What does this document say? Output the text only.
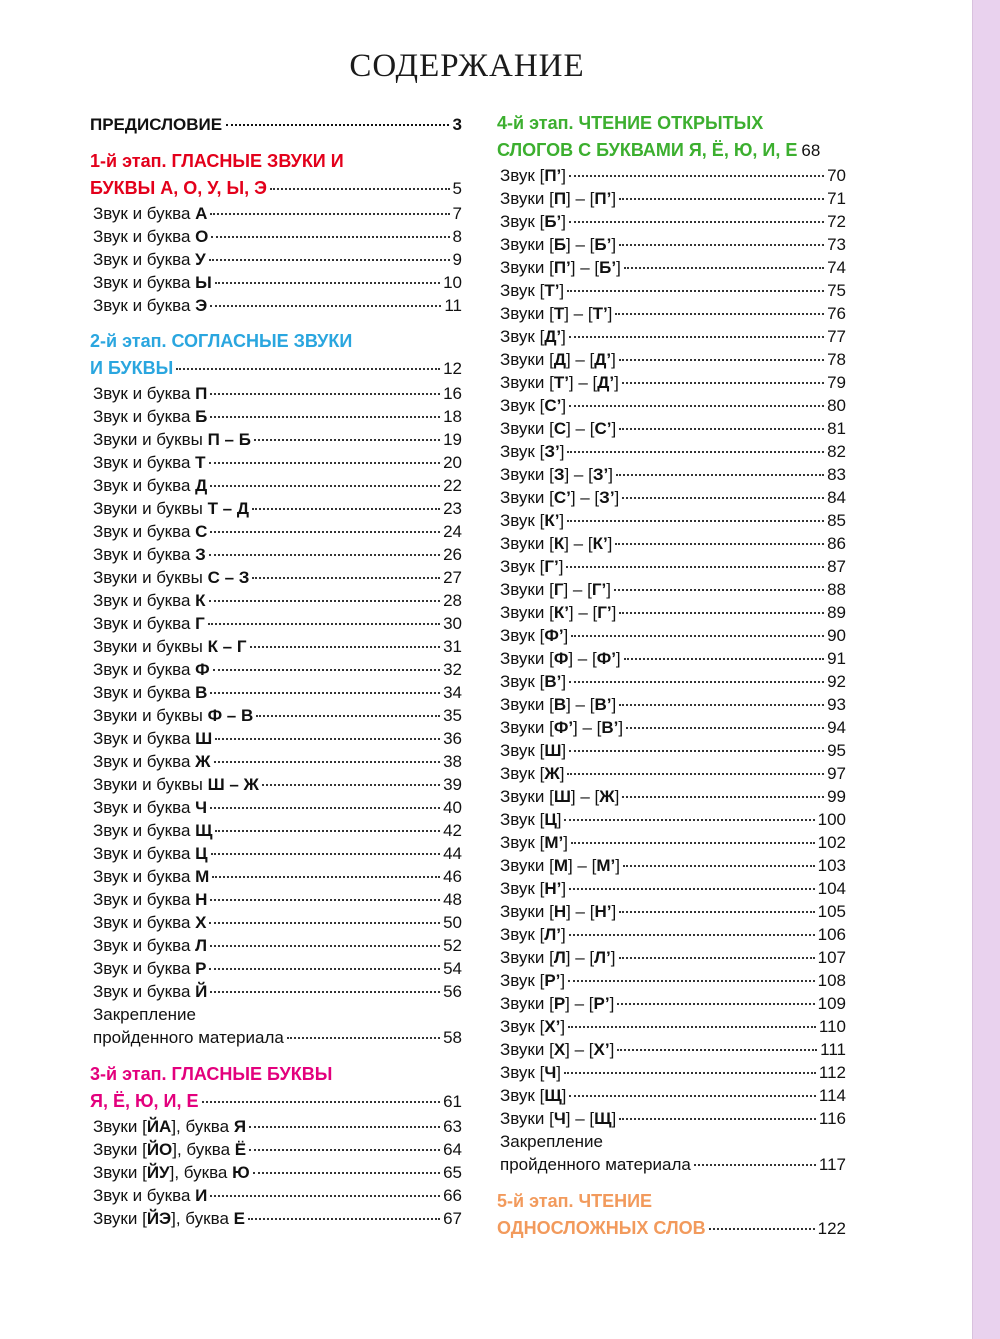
СОДЕРЖАНИЕ
ПРЕДИСЛОВИЕ	3
1-й этап. ГЛАСНЫЕ ЗВУКИ И
БУКВЫ А, О, У, Ы, Э	5
Звук и буква А	7
Звук и буква О	8
Звук и буква У	9
Звук и буква Ы	10
Звук и буква Э	11
2-й этап. СОГЛАСНЫЕ ЗВУКИ
И БУКВЫ	12
Звук и буква П	16
Звук и буква Б	18
Звуки и буквы П – Б	19
Звук и буква Т	20
Звук и буква Д	22
Звуки и буквы Т – Д	23
Звук и буква С	24
Звук и буква З	26
Звуки и буквы С – З	27
Звук и буква К	28
Звук и буква Г	30
Звуки и буквы К – Г	31
Звук и буква Ф	32
Звук и буква В	34
Звуки и буквы Ф – В	35
Звук и буква Ш	36
Звук и буква Ж	38
Звуки и буквы Ш – Ж	39
Звук и буква Ч	40
Звук и буква Щ	42
Звук и буква Ц	44
Звук и буква М	46
Звук и буква Н	48
Звук и буква Х	50
Звук и буква Л	52
Звук и буква Р	54
Звук и буква Й	56
Закрепление
пройденного материала	58
3-й этап. ГЛАСНЫЕ БУКВЫ
Я, Ё, Ю, И, Е	61
Звуки [ЙА], буква Я	63
Звуки [ЙО], буква Ё	64
Звуки [ЙУ], буква Ю	65
Звук и буква И	66
Звуки [ЙЭ], буква Е	67
4-й этап. ЧТЕНИЕ ОТКРЫТЫХ
СЛОГОВ С БУКВАМИ Я, Ё, Ю, И, Е 68
Звук [П’]	70
Звуки [П] – [П’]	71
Звук [Б’]	72
Звуки [Б] – [Б’]	73
Звуки [П’] – [Б’]	74
Звук [Т’]	75
Звуки [Т] – [Т’]	76
Звук [Д’]	77
Звуки [Д] – [Д’]	78
Звуки [Т’] – [Д’]	79
Звук [С’]	80
Звуки [С] – [С’]	81
Звук [З’]	82
Звуки [З] – [З’]	83
Звуки [С’] – [З’]	84
Звук [К’]	85
Звуки [К] – [К’]	86
Звук [Г’]	87
Звуки [Г] – [Г’]	88
Звуки [К’] – [Г’]	89
Звук [Ф’]	90
Звуки [Ф] – [Ф’]	91
Звук [В’]	92
Звуки [В] – [В’]	93
Звуки [Ф’] – [В’]	94
Звук [Ш]	95
Звук [Ж]	97
Звуки [Ш] – [Ж]	99
Звук [Ц]	100
Звук [М’]	102
Звуки [М] – [М’]	103
Звук [Н’]	104
Звуки [Н] – [Н’]	105
Звук [Л’]	106
Звуки [Л] – [Л’]	107
Звук [Р’]	108
Звуки [Р] – [Р’]	109
Звук [Х’]	110
Звуки [Х] – [Х’]	111
Звук [Ч]	112
Звук [Щ]	114
Звуки [Ч] – [Щ]	116
Закрепление
пройденного материала	117
5-й этап. ЧТЕНИЕ
ОДНОСЛОЖНЫХ СЛОВ	122
